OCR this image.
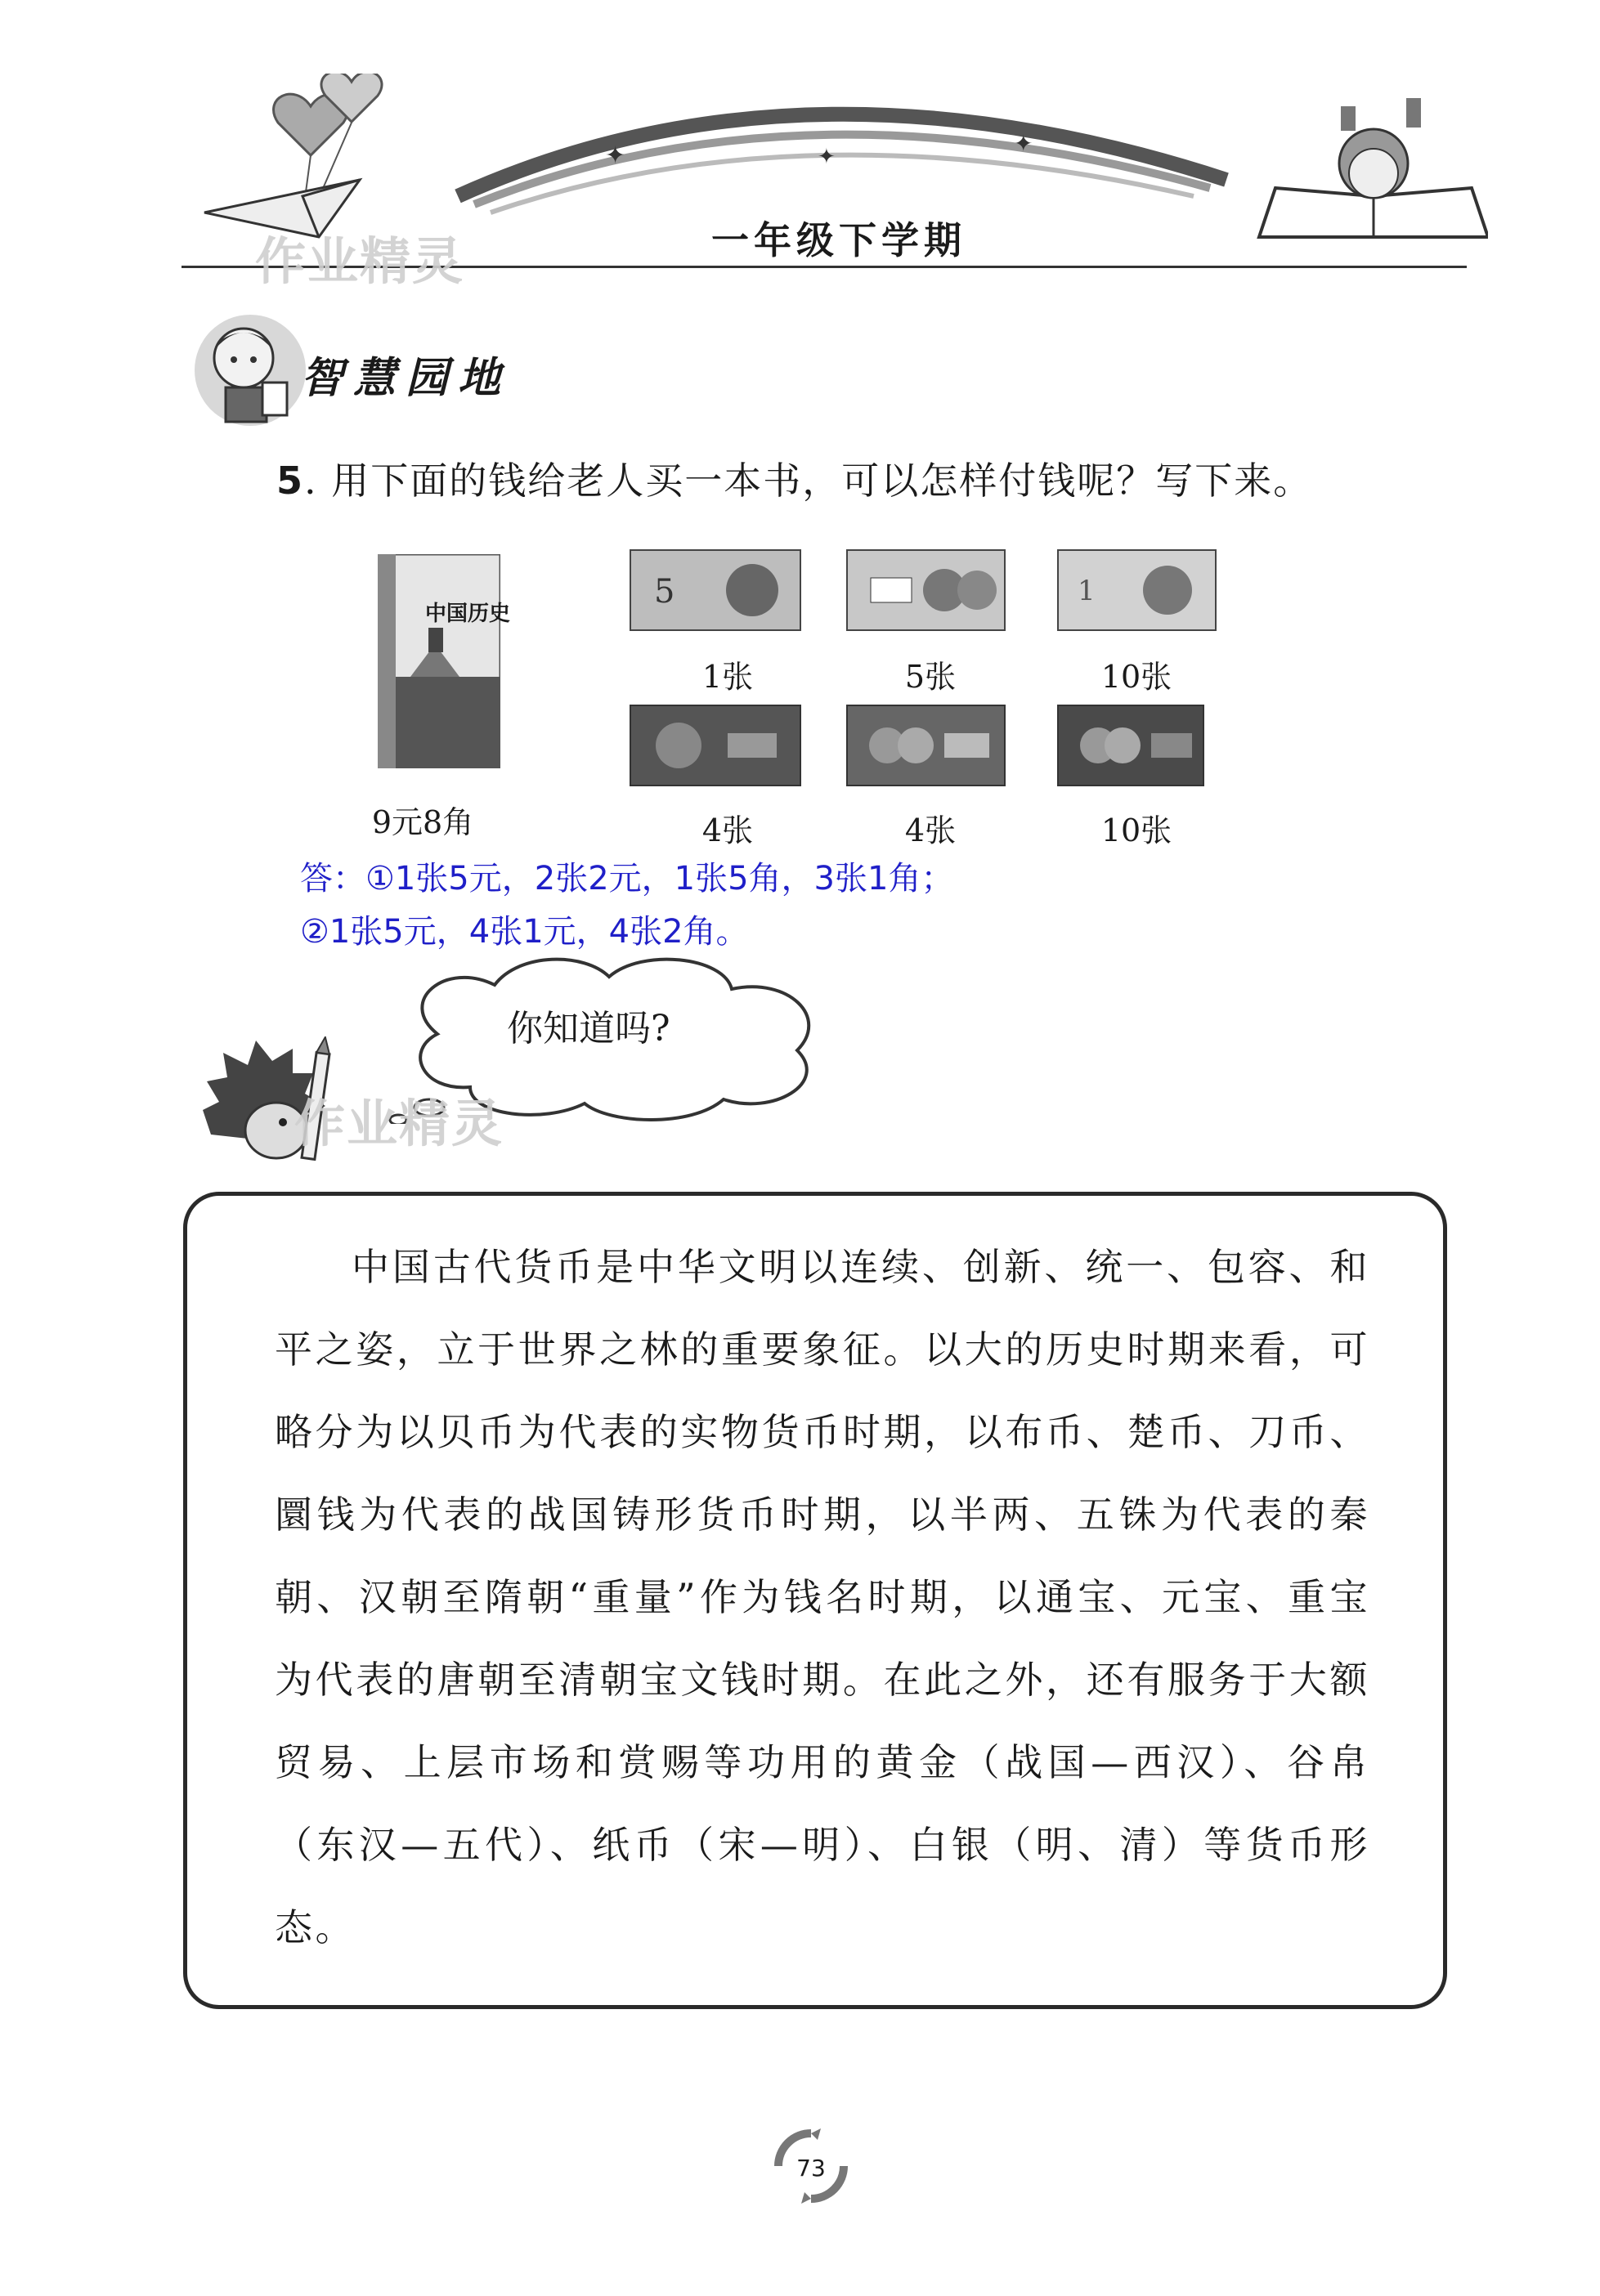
✦	✦	✦
一年级下学期
作业精灵
智慧园地
5. 用下面的钱给老人买一本书，可以怎样付钱呢？写下来。
中国历史
9元8角
5	1
1张	5张	10张
4张	4张	10张
答：①1张5元，2张2元，1张5角，3张1角；
②1张5元，4张1元，4张2角。
你知道吗?
作业精灵
中国古代货币是中华文明以连续、创新、统一、包容、和平之姿，立于世界之林的重要象征。以大的历史时期来看，可略分为以贝币为代表的实物货币时期，以布币、楚币、刀币、圜钱为代表的战国铸形货币时期，以半两、五铢为代表的秦朝、汉朝至隋朝“重量”作为钱名时期，以通宝、元宝、重宝为代表的唐朝至清朝宝文钱时期。在此之外，还有服务于大额贸易、上层市场和赏赐等功用的黄金（战国—西汉）、谷帛（东汉—五代）、纸币（宋—明）、白银（明、清）等货币形态。
73
